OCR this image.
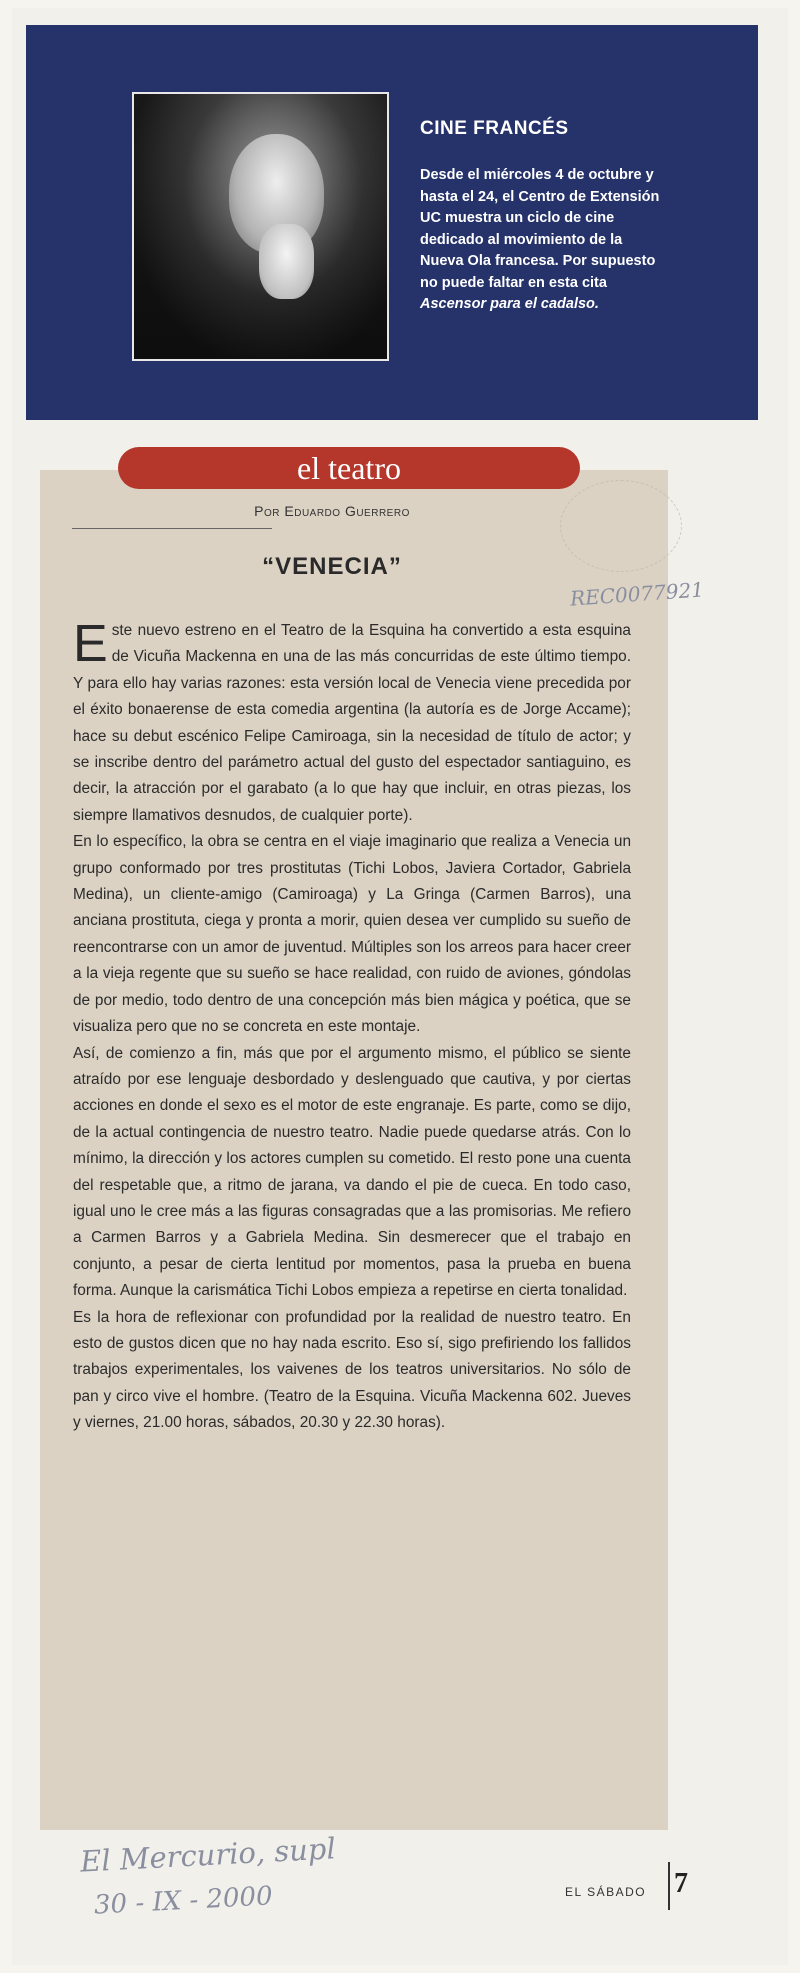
CINE FRANCÉS

Desde el miércoles 4 de octubre y hasta el 24, el Centro de Extensión UC muestra un ciclo de cine dedicado al movimiento de la Nueva Ola francesa. Por supuesto no puede faltar en esta cita Ascensor para el cadalso.

el teatro
Por Eduardo Guerrero
“VENECIA”

Este nuevo estreno en el Teatro de la Esquina ha convertido a esta esquina de Vicuña Mackenna en una de las más concurridas de este último tiempo. Y para ello hay varias razones: esta versión local de Venecia viene precedida por el éxito bonaerense de esta comedia argentina (la autoría es de Jorge Accame); hace su debut escénico Felipe Camiroaga, sin la necesidad de título de actor; y se inscribe dentro del parámetro actual del gusto del espectador santiaguino, es decir, la atracción por el garabato (a lo que hay que incluir, en otras piezas, los siempre llamativos desnudos, de cualquier porte).

En lo específico, la obra se centra en el viaje imaginario que realiza a Venecia un grupo conformado por tres prostitutas (Tichi Lobos, Javiera Cortador, Gabriela Medina), un cliente-amigo (Camiroaga) y La Gringa (Carmen Barros), una anciana prostituta, ciega y pronta a morir, quien desea ver cumplido su sueño de reencontrarse con un amor de juventud. Múltiples son los arreos para hacer creer a la vieja regente que su sueño se hace realidad, con ruido de aviones, góndolas de por medio, todo dentro de una concepción más bien mágica y poética, que se visualiza pero que no se concreta en este montaje.

Así, de comienzo a fin, más que por el argumento mismo, el público se siente atraído por ese lenguaje desbordado y deslenguado que cautiva, y por ciertas acciones en donde el sexo es el motor de este engranaje. Es parte, como se dijo, de la actual contingencia de nuestro teatro. Nadie puede quedarse atrás. Con lo mínimo, la dirección y los actores cumplen su cometido. El resto pone una cuenta del respetable que, a ritmo de jarana, va dando el pie de cueca. En todo caso, igual uno le cree más a las figuras consagradas que a las promisorias. Me refiero a Carmen Barros y a Gabriela Medina. Sin desmerecer que el trabajo en conjunto, a pesar de cierta lentitud por momentos, pasa la prueba en buena forma. Aunque la carismática Tichi Lobos empieza a repetirse en cierta tonalidad.

Es la hora de reflexionar con profundidad por la realidad de nuestro teatro. En esto de gustos dicen que no hay nada escrito. Eso sí, sigo prefiriendo los fallidos trabajos experimentales, los vaivenes de los teatros universitarios. No sólo de pan y circo vive el hombre. (Teatro de la Esquina. Vicuña Mackenna 602. Jueves y viernes, 21.00 horas, sábados, 20.30 y 22.30 horas).

REC0077921
El Mercurio, supl
30 - IX - 2000	EL SÁBADO 7
